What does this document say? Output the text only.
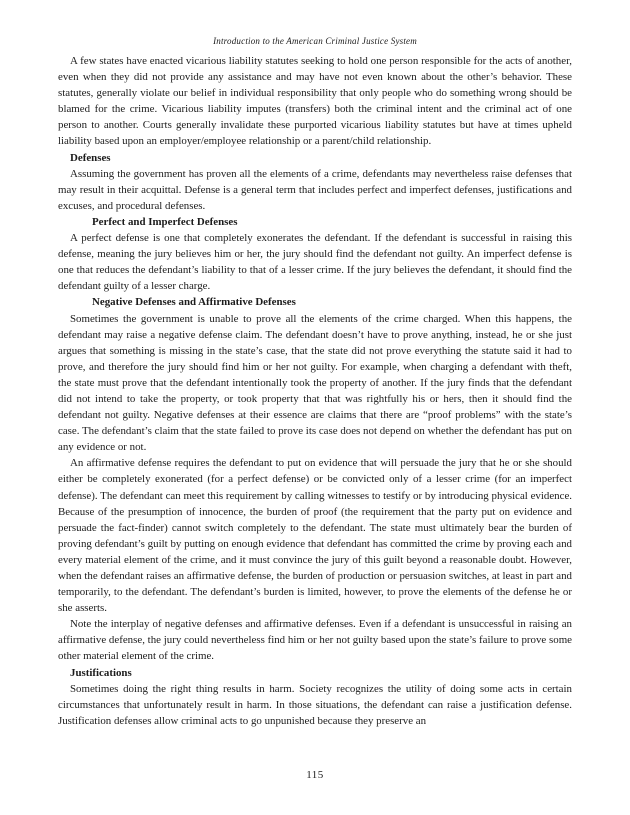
Introduction to the American Criminal Justice System

A few states have enacted vicarious liability statutes seeking to hold one person responsible for the acts of another, even when they did not provide any assistance and may have not even known about the other’s behavior. These statutes, generally violate our belief in individual responsibility that only people who do something wrong should be blamed for the crime. Vicarious liability imputes (transfers) both the criminal intent and the criminal act of one person to another. Courts generally invalidate these purported vicarious liability statutes but have at times upheld liability based upon an employer/employee relationship or a parent/child relationship.

Defenses

Assuming the government has proven all the elements of a crime, defendants may nevertheless raise defenses that may result in their acquittal. Defense is a general term that includes perfect and imperfect defenses, justifications and excuses, and procedural defenses.

Perfect and Imperfect Defenses

A perfect defense is one that completely exonerates the defendant. If the defendant is successful in raising this defense, meaning the jury believes him or her, the jury should find the defendant not guilty. An imperfect defense is one that reduces the defendant’s liability to that of a lesser crime. If the jury believes the defendant, it should find the defendant guilty of a lesser charge.

Negative Defenses and Affirmative Defenses

Sometimes the government is unable to prove all the elements of the crime charged. When this happens, the defendant may raise a negative defense claim. The defendant doesn’t have to prove anything, instead, he or she just argues that something is missing in the state’s case, that the state did not prove everything the statute said it had to prove, and therefore the jury should find him or her not guilty. For example, when charging a defendant with theft, the state must prove that the defendant intentionally took the property of another. If the jury finds that the defendant did not intend to take the property, or took property that that was rightfully his or hers, then it should find the defendant not guilty. Negative defenses at their essence are claims that there are “proof problems” with the state’s case. The defendant’s claim that the state failed to prove its case does not depend on whether the defendant has put on any evidence or not.

An affirmative defense requires the defendant to put on evidence that will persuade the jury that he or she should either be completely exonerated (for a perfect defense) or be convicted only of a lesser crime (for an imperfect defense). The defendant can meet this requirement by calling witnesses to testify or by introducing physical evidence. Because of the presumption of innocence, the burden of proof (the requirement that the party put on evidence and persuade the fact-finder) cannot switch completely to the defendant. The state must ultimately bear the burden of proving defendant’s guilt by putting on enough evidence that defendant has committed the crime by proving each and every material element of the crime, and it must convince the jury of this guilt beyond a reasonable doubt. However, when the defendant raises an affirmative defense, the burden of production or persuasion switches, at least in part and temporarily, to the defendant. The defendant’s burden is limited, however, to prove the elements of the defense he or she asserts.

Note the interplay of negative defenses and affirmative defenses. Even if a defendant is unsuccessful in raising an affirmative defense, the jury could nevertheless find him or her not guilty based upon the state’s failure to prove some other material element of the crime.

Justifications

Sometimes doing the right thing results in harm. Society recognizes the utility of doing some acts in certain circumstances that unfortunately result in harm. In those situations, the defendant can raise a justification defense. Justification defenses allow criminal acts to go unpunished because they preserve an

115
